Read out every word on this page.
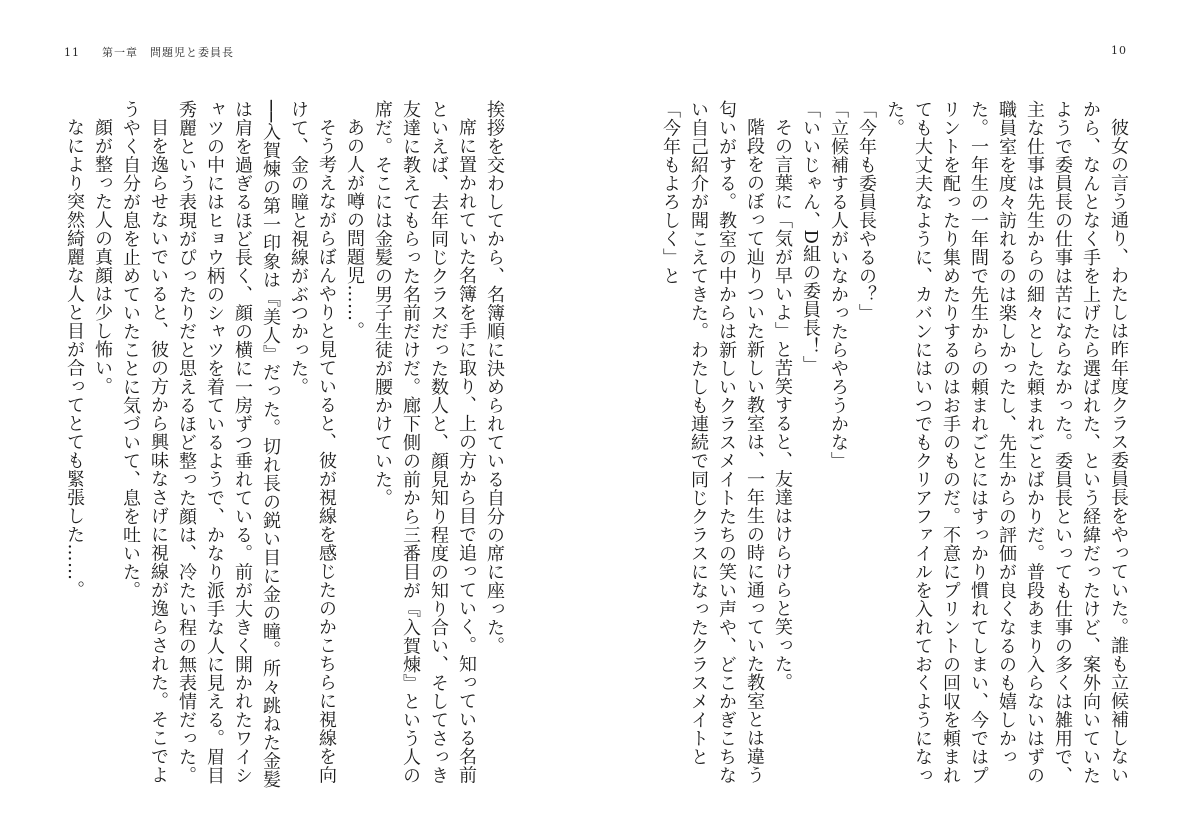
11 第一章　問題児と委員長

挨拶を交わしてから、名簿順に決められている自分の席に座った。

席に置かれていた名簿を手に取り、上の方から目で追っていく。知っている名前といえば、去年同じクラスだった数人と、顔見知り程度の知り合い、そしてさっき友達に教えてもらった名前だけだ。廊下側の前から三番目が『入賀煉』という人の席だ。そこには金髪の男子生徒が腰かけていた。

あの人が噂の問題児……。

そう考えながらぼんやりと見ていると、彼が視線を感じたのかこちらに視線を向けて、金の瞳と視線がぶつかった。

──入賀煉の第一印象は『美人』だった。切れ長の鋭い目に金の瞳。所々跳ねた金髪は肩を過ぎるほど長く、顔の横に一房ずつ垂れている。前が大きく開かれたワイシャツの中にはヒョウ柄のシャツを着ているようで、かなり派手な人に見える。眉目秀麗という表現がぴったりだと思えるほど整った顔は、冷たい程の無表情だった。

目を逸らせないでいると、彼の方から興味なさげに視線が逸らされた。そこでようやく自分が息を止めていたことに気づいて、息を吐いた。

顔が整った人の真顔は少し怖い。

なにより突然綺麗な人と目が合ってとても緊張した……。

10

彼女の言う通り、わたしは昨年度クラス委員長をやっていた。誰も立候補しないから、なんとなく手を上げたら選ばれた、という経緯だったけど、案外向いていたようで委員長の仕事は苦にならなかった。委員長といっても仕事の多くは雑用で、主な仕事は先生からの細々とした頼まれごとばかりだ。普段あまり入らないはずの職員室を度々訪れるのは楽しかったし、先生からの評価が良くなるのも嬉しかった。一年生の一年間で先生からの頼まれごとにはすっかり慣れてしまい、今ではプリントを配ったり集めたりするのはお手のものだ。不意にプリントの回収を頼まれても大丈夫なように、カバンにはいつでもクリアファイルを入れておくようになった。

「今年も委員長やるの？」

「立候補する人がいなかったらやろうかな」

「いいじゃん、D組の委員長！」

その言葉に「気が早いよ」と苦笑すると、友達はけらけらと笑った。

階段をのぼって辿りついた新しい教室は、一年生の時に通っていた教室とは違う匂いがする。教室の中からは新しいクラスメイトたちの笑い声や、どこかぎこちない自己紹介が聞こえてきた。わたしも連続で同じクラスになったクラスメイトと「今年もよろしく」と
